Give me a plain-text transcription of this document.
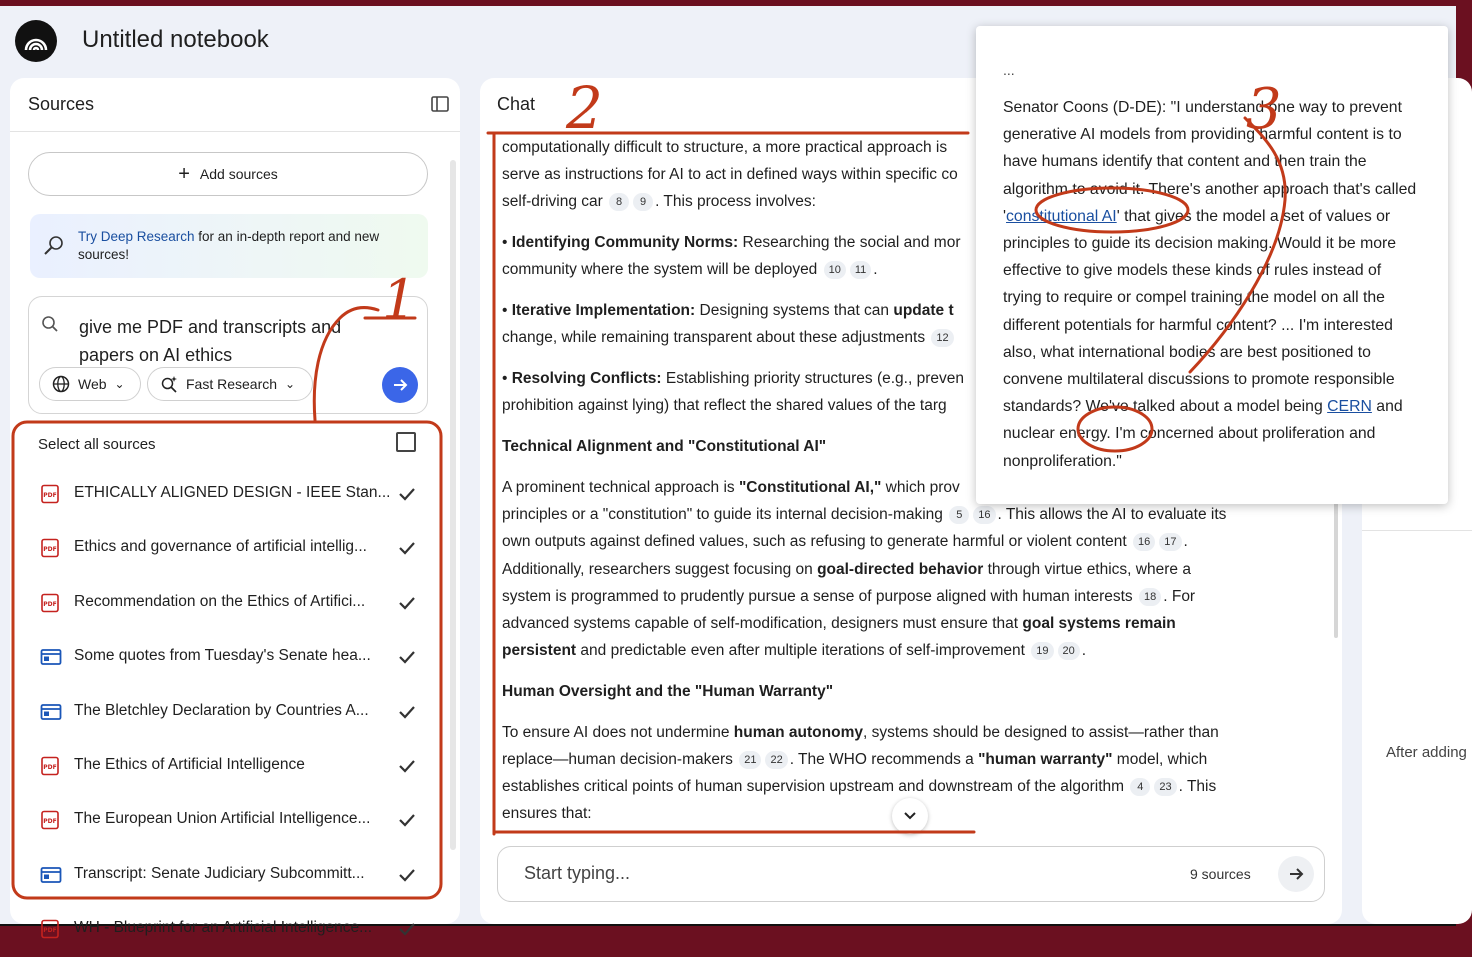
Untitled notebook
Sources
+ Add sources
Try Deep Research for an in-depth report and new sources!
give me PDF and transcripts and papers on AI ethics
Web ⌄	Fast Research ⌄
Select all sources
PDF ETHICALLY ALIGNED DESIGN - IEEE Stan...
PDF Ethics and governance of artificial intellig...
PDF Recommendation on the Ethics of Artifici...
Some quotes from Tuesday's Senate hea...
The Bletchley Declaration by Countries A...
PDF The Ethics of Artificial Intelligence
PDF The European Union Artificial Intelligence...
Transcript: Senate Judiciary Subcommitt...
PDF WH - Blueprint for an Artificial Intelligence...
Chat

computationally difficult to structure, a more practical approach is
serve as instructions for AI to act in defined ways within specific co
self-driving car 8 9 . This process involves:

• Identifying Community Norms: Researching the social and mor
community where the system will be deployed 10 11 .

• Iterative Implementation: Designing systems that can update t
change, while remaining transparent about these adjustments 12

• Resolving Conflicts: Establishing priority structures (e.g., preven
prohibition against lying) that reflect the shared values of the targ

Technical Alignment and "Constitutional AI"

A prominent technical approach is "Constitutional AI," which prov
principles or a "constitution" to guide its internal decision-making 5 16 . This allows the AI to evaluate its
own outputs against defined values, such as refusing to generate harmful or violent content 16 17 .
Additionally, researchers suggest focusing on goal-directed behavior through virtue ethics, where a
system is programmed to prudently pursue a sense of purpose aligned with human interests 18 . For
advanced systems capable of self-modification, designers must ensure that goal systems remain
persistent and predictable even after multiple iterations of self-improvement 19 20 .

Human Oversight and the "Human Warranty"

To ensure AI does not undermine human autonomy, systems should be designed to assist—rather than
replace—human decision-makers 21 22 . The WHO recommends a "human warranty" model, which
establishes critical points of human supervision upstream and downstream of the algorithm 4 23 . This
ensures that:

Start typing...	9 sources
After adding
...
Senator Coons (D-DE): "I understand one way to prevent generative AI models from providing harmful content is to have humans identify that content and then train the algorithm to avoid it. There's another approach that's called 'constitutional AI' that gives the model a set of values or principles to guide its decision making. Would it be more effective to give models these kinds of rules instead of trying to require or compel training the model on all the different potentials for harmful content? ... I'm interested also, what international bodies are best positioned to convene multilateral discussions to promote responsible standards? We've talked about a model being CERN and nuclear energy. I'm concerned about proliferation and nonproliferation."
1
2	3
